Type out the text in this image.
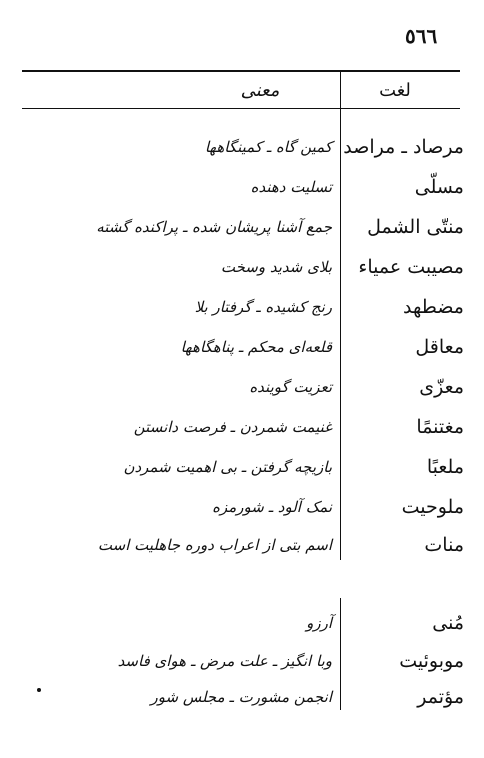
٥٦٦
لغت
معنی
مرصاد ـ مراصد
کمین گاه ـ کمینگاهها
مسلّی
تسلیت دهنده
منتّی الشمل
جمع آشنا پریشان شده ـ پراکنده گشته
مصیبت عمیاء
بلای شدید وسخت
مضطهد
رنج کشیده ـ گرفتار بلا
معاقل
قلعه‌ای محکم ـ پناهگاهها
معزّی
تعزیت گوینده
مغتنمًا
غنیمت شمردن ـ فرصت دانستن
ملعبًا
بازیچه گرفتن ـ بی اهمیت شمردن
ملوحیت
نمک آلود ـ شورمزه
منات
اسم بتی از اعراب دوره جاهلیت است
مُنی
آرزو
موبوئیت
وبا انگیز ـ علت مرض ـ هوای فاسد
مؤتمر
انجمن مشورت ـ مجلس شور
